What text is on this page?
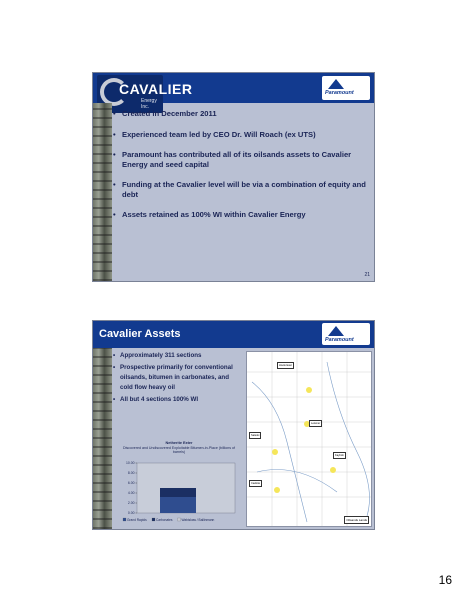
CAVALIER
Energy Inc.
Paramount
• Created in December 2011
• Experienced team led by CEO Dr. Will Roach (ex UTS)
• Paramount has contributed all of its oilsands assets to Cavalier Energy and seed capital
• Funding at the Cavalier level will be via a combination of equity and debt
• Assets retained as 100% WI within Cavalier Energy
21
Cavalier Assets	Paramount
• Approximately 311 sections
• Prospective primarily for conventional oilsands, bitumen in carbonates, and cold flow heavy oil
• All but 4 sections 100% WI
Netherite Exter
Discovered and Undiscovered Exploitable Bitumen-in-Place (billions of barrels)
0.00
2.00
4.00
6.00
8.00
10.00
Grand Rapids	Carbonates	Wabiskaw / Ballinmann
Hoole East
Leismer
Saleski
Kaybob
Cadotte
Oilsands Lands
16
